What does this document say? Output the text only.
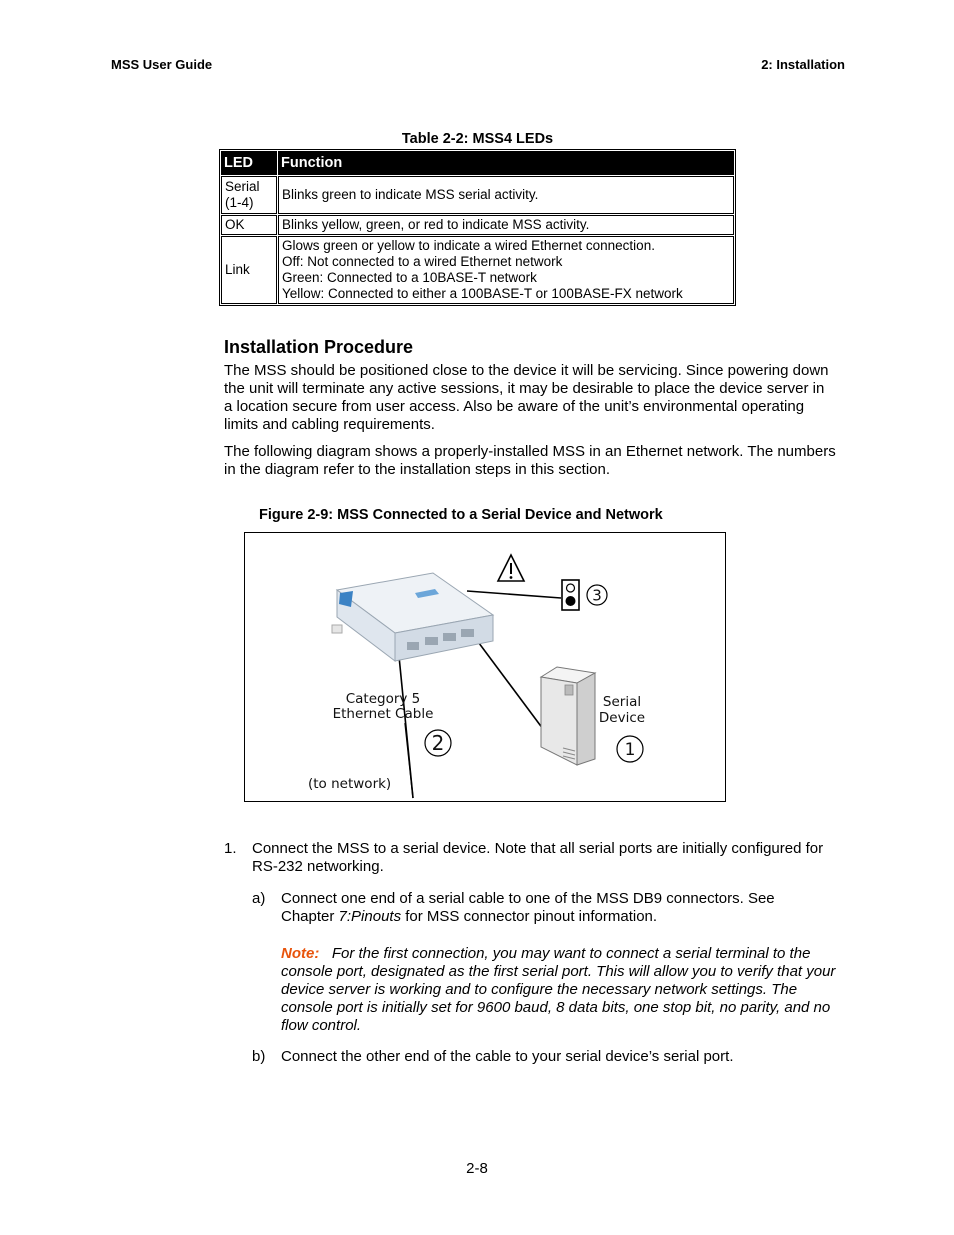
MSS User Guide	2: Installation
Table 2-2: MSS4 LEDs
LED	Function

Serial
(1-4)	Blinks green to indicate MSS serial activity.

OK	Blinks yellow, green, or red to indicate MSS activity.

Link	Glows green or yellow to indicate a wired Ethernet connection.
Off: Not connected to a wired Ethernet network
Green: Connected to a 10BASE-T network
Yellow: Connected to either a 100BASE-T or 100BASE-FX network
Installation Procedure
The MSS should be positioned close to the device it will be servicing. Since powering down the unit will terminate any active sessions, it may be desirable to place the device server in a location secure from user access. Also be aware of the unit’s environmental operating limits and cabling requirements.
The following diagram shows a properly-installed MSS in an Ethernet network. The numbers in the diagram refer to the installation steps in this section.
Figure 2-9: MSS Connected to a Serial Device and Network
3
2	1
Category 5
Ethernet Cable
Serial
Device
(to network)
1. Connect the MSS to a serial device. Note that all serial ports are initially configured for RS-232 networking.
a) Connect one end of a serial cable to one of the MSS DB9 connectors. See Chapter 7:Pinouts for MSS connector pinout information.
Note: For the first connection, you may want to connect a serial terminal to the console port, designated as the first serial port. This will allow you to verify that your device server is working and to configure the necessary network settings. The console port is initially set for 9600 baud, 8 data bits, one stop bit, no parity, and no flow control.
b) Connect the other end of the cable to your serial device’s serial port.
2-8
